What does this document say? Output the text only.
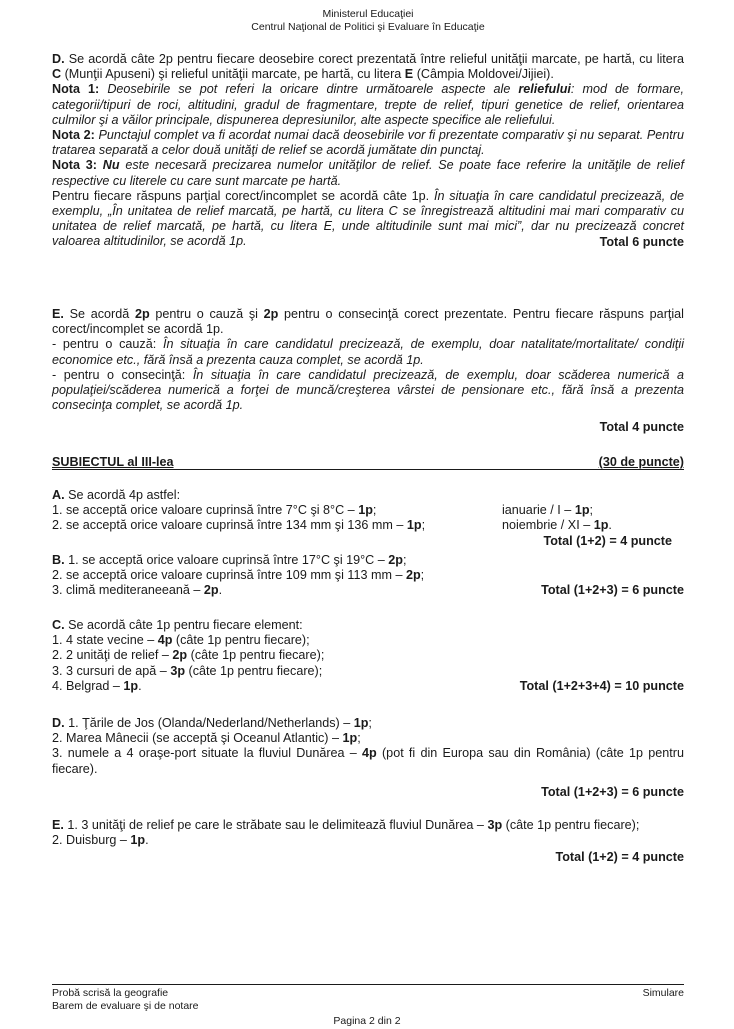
Ministerul Educaţiei
Centrul Naţional de Politici şi Evaluare în Educaţie

D. Se acordă câte 2p pentru fiecare deosebire corect prezentată între relieful unităţii marcate, pe hartă, cu litera C (Munţii Apuseni) şi relieful unităţii marcate, pe hartă, cu litera E (Câmpia Moldovei/Jijiei).

Nota 1: Deosebirile se pot referi la oricare dintre următoarele aspecte ale reliefului: mod de formare, categorii/tipuri de roci, altitudini, gradul de fragmentare, trepte de relief, tipuri genetice de relief, orientarea culmilor şi a văilor principale, dispunerea depresiunilor, alte aspecte specifice ale reliefului.

Nota 2: Punctajul complet va fi acordat numai dacă deosebirile vor fi prezentate comparativ şi nu separat. Pentru tratarea separată a celor două unităţi de relief se acordă jumătate din punctaj.

Nota 3: Nu este necesară precizarea numelor unităţilor de relief. Se poate face referire la unităţile de relief respective cu literele cu care sunt marcate pe hartă.

Pentru fiecare răspuns parţial corect/incomplet se acordă câte 1p. În situaţia în care candidatul precizează, de exemplu, „În unitatea de relief marcată, pe hartă, cu litera C se înregistrează altitudini mai mari comparativ cu unitatea de relief marcată, pe hartă, cu litera E, unde altitudinile sunt mai mici”, dar nu precizează concret valoarea altitudinilor, se acordă 1p.	Total 6 puncte

E. Se acordă 2p pentru o cauză şi 2p pentru o consecinţă corect prezentate. Pentru fiecare răspuns parţial corect/incomplet se acordă 1p.

- pentru o cauză: În situaţia în care candidatul precizează, de exemplu, doar natalitate/mortalitate/ condiţii economice etc., fără însă a prezenta cauza complet, se acordă 1p.

- pentru o consecinţă: În situaţia în care candidatul precizează, de exemplu, doar scăderea numerică a populaţiei/scăderea numerică a forţei de muncă/creşterea vârstei de pensionare etc., fără însă a prezenta consecinţa complet, se acordă 1p.

Total 4 puncte

SUBIECTUL al III-lea	(30 de puncte)

A. Se acordă 4p astfel:

1. se acceptă orice valoare cuprinsă între 7°C şi 8°C – 1p;	ianuarie / I – 1p;

2. se acceptă orice valoare cuprinsă între 134 mm şi 136 mm – 1p;	noiembrie / XI – 1p.

Total (1+2) = 4 puncte

B. 1. se acceptă orice valoare cuprinsă între 17°C şi 19°C – 2p;

2. se acceptă orice valoare cuprinsă între 109 mm şi 113 mm – 2p;

3. climă mediteraneeană – 2p.	Total (1+2+3) = 6 puncte

C. Se acordă câte 1p pentru fiecare element:

1. 4 state vecine – 4p (câte 1p pentru fiecare);

2. 2 unităţi de relief – 2p (câte 1p pentru fiecare);

3. 3 cursuri de apă – 3p (câte 1p pentru fiecare);

4. Belgrad – 1p.	Total (1+2+3+4) = 10 puncte

D. 1. Ţările de Jos (Olanda/Nederland/Netherlands) – 1p;

2. Marea Mânecii (se acceptă şi Oceanul Atlantic) – 1p;

3. numele a 4 oraşe-port situate la fluviul Dunărea – 4p (pot fi din Europa sau din România) (câte 1p pentru fiecare).

Total (1+2+3) = 6 puncte

E. 1. 3 unităţi de relief pe care le străbate sau le delimitează fluviul Dunărea – 3p (câte 1p pentru fiecare);

2. Duisburg – 1p.

Total (1+2) = 4 puncte

Probă scrisă la geografie	Simulare
Barem de evaluare şi de notare
Pagina 2 din 2
